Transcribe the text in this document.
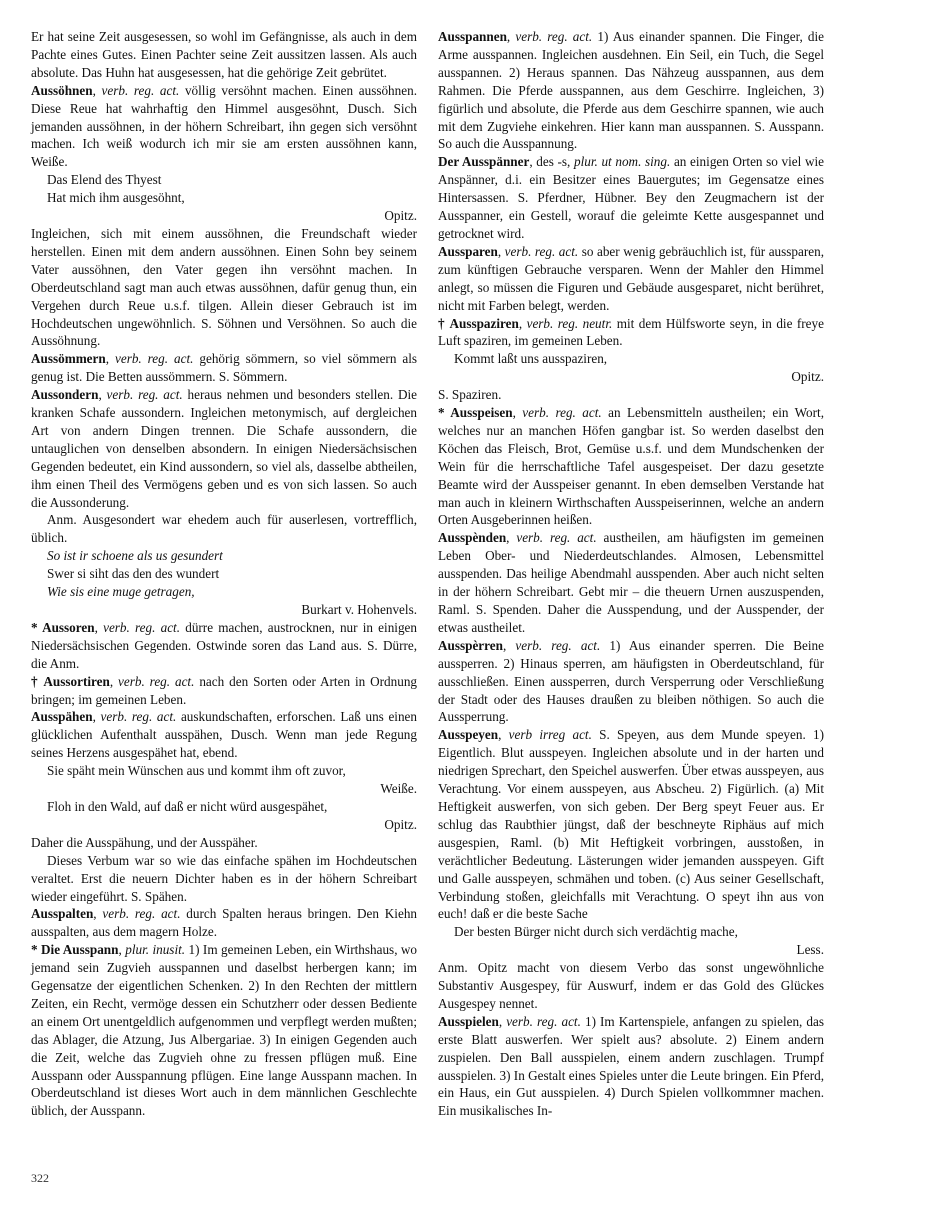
Er hat seine Zeit ausgesessen, so wohl im Gefängnisse, als auch in dem Pachte eines Gutes. Einen Pachter seine Zeit aussitzen lassen. Als auch absolute. Das Huhn hat ausgesessen, hat die gehörige Zeit gebrütet.

Aussöhnen, verb. reg. act. völlig versöhnt machen. Einen aussöhnen. Diese Reue hat wahrhaftig den Himmel ausgesöhnt, Dusch. Sich jemanden aussöhnen, in der höhern Schreibart, ihn gegen sich versöhnt machen. Ich weiß wodurch ich mir sie am ersten aussöhnen kann, Weiße.

Das Elend des Thyest

Hat mich ihm ausgesöhnt,

Opitz.

Ingleichen, sich mit einem aussöhnen, die Freundschaft wieder herstellen. Einen mit dem andern aussöhnen. Einen Sohn bey seinem Vater aussöhnen, den Vater gegen ihn versöhnt machen. In Oberdeutschland sagt man auch etwas aussöhnen, dafür genug thun, ein Vergehen durch Reue u.s.f. tilgen. Allein dieser Gebrauch ist im Hochdeutschen ungewöhnlich. S. Söhnen und Versöhnen. So auch die Aussöhnung.

Aussömmern, verb. reg. act. gehörig sömmern, so viel sömmern als genug ist. Die Betten aussömmern. S. Sömmern.

Aussondern, verb. reg. act. heraus nehmen und besonders stellen. Die kranken Schafe aussondern. Ingleichen metonymisch, auf dergleichen Art von andern Dingen trennen. Die Schafe aussondern, die untauglichen von denselben absondern. In einigen Niedersächsischen Gegenden bedeutet, ein Kind aussondern, so viel als, dasselbe abtheilen, ihm einen Theil des Vermögens geben und es von sich lassen. So auch die Aussonderung.

Anm. Ausgesondert war ehedem auch für auserlesen, vortrefflich, üblich.

So ist ir schoene als us gesundert

Swer si siht das den des wundert

Wie sis eine muge getragen,

Burkart v. Hohenvels.

* Aussoren, verb. reg. act. dürre machen, austrocknen, nur in einigen Niedersächsischen Gegenden. Ostwinde soren das Land aus. S. Dürre, die Anm.

† Aussortiren, verb. reg. act. nach den Sorten oder Arten in Ordnung bringen; im gemeinen Leben.

Ausspähen, verb. reg. act. auskundschaften, erforschen. Laß uns einen glücklichen Aufenthalt ausspähen, Dusch. Wenn man jede Regung seines Herzens ausgespähet hat, ebend.

Sie späht mein Wünschen aus und kommt ihm oft zuvor,

Weiße.

Floh in den Wald, auf daß er nicht würd ausgespähet,

Opitz.

Daher die Ausspähung, und der Ausspäher.

Dieses Verbum war so wie das einfache spähen im Hochdeutschen veraltet. Erst die neuern Dichter haben es in der höhern Schreibart wieder eingeführt. S. Spähen.

Ausspalten, verb. reg. act. durch Spalten heraus bringen. Den Kiehn ausspalten, aus dem magern Holze.

* Die Ausspann, plur. inusit. 1) Im gemeinen Leben, ein Wirthshaus, wo jemand sein Zugvieh ausspannen und daselbst herbergen kann; im Gegensatze der eigentlichen Schenken. 2) In den Rechten der mittlern Zeiten, ein Recht, vermöge dessen ein Schutzherr oder dessen Bediente an einem Ort unentgeldlich aufgenommen und verpflegt werden mußten; das Ablager, die Atzung, Jus Albergariae. 3) In einigen Gegenden auch die Zeit, welche das Zugvieh ohne zu fressen pflügen muß. Eine Ausspann oder Ausspannung pflügen. Eine lange Ausspann machen. In Oberdeutschland ist dieses Wort auch in dem männlichen Geschlechte üblich, der Ausspann.

Ausspannen, verb. reg. act. 1) Aus einander spannen. Die Finger, die Arme ausspannen. Ingleichen ausdehnen. Ein Seil, ein Tuch, die Segel ausspannen. 2) Heraus spannen. Das Nähzeug ausspannen, aus dem Rahmen. Die Pferde ausspannen, aus dem Geschirre. Ingleichen, 3) figürlich und absolute, die Pferde aus dem Geschirre spannen, wie auch mit dem Zugviehe einkehren. Hier kann man ausspannen. S. Ausspann. So auch die Ausspannung.

Der Ausspänner, des -s, plur. ut nom. sing. an einigen Orten so viel wie Anspänner, d.i. ein Besitzer eines Bauergutes; im Gegensatze eines Hintersassen. S. Pferdner, Hübner. Bey den Zeugmachern ist der Ausspanner, ein Gestell, worauf die geleimte Kette ausgespannet und getrocknet wird.

Aussparen, verb. reg. act. so aber wenig gebräuchlich ist, für aussparen, zum künftigen Gebrauche versparen. Wenn der Mahler den Himmel anlegt, so müssen die Figuren und Gebäude ausgesparet, nicht berühret, nicht mit Farben belegt, werden.

† Ausspaziren, verb. reg. neutr. mit dem Hülfsworte seyn, in die freye Luft spaziren, im gemeinen Leben.

Kommt laßt uns ausspaziren,

Opitz.

S. Spaziren.

* Ausspeisen, verb. reg. act. an Lebensmitteln austheilen; ein Wort, welches nur an manchen Höfen gangbar ist. So werden daselbst den Köchen das Fleisch, Brot, Gemüse u.s.f. und dem Mundschenken der Wein für die herrschaftliche Tafel ausgespeiset. Der dazu gesetzte Beamte wird der Ausspeiser genannt. In eben demselben Verstande hat man auch in kleinern Wirthschaften Ausspeiserinnen, welche an andern Orten Ausgeberinnen heißen.

Ausspènden, verb. reg. act. austheilen, am häufigsten im gemeinen Leben Ober- und Niederdeutschlandes. Almosen, Lebensmittel ausspenden. Das heilige Abendmahl ausspenden. Aber auch nicht selten in der höhern Schreibart. Gebt mir – die theuern Urnen auszuspenden, Raml. S. Spenden. Daher die Ausspendung, und der Ausspender, der etwas austheilet.

Ausspèrren, verb. reg. act. 1) Aus einander sperren. Die Beine aussperren. 2) Hinaus sperren, am häufigsten in Oberdeutschland, für ausschließen. Einen aussperren, durch Versperrung oder Verschließung der Stadt oder des Hauses draußen zu bleiben nöthigen. So auch die Aussperrung.

Ausspeyen, verb irreg act. S. Speyen, aus dem Munde speyen. 1) Eigentlich. Blut ausspeyen. Ingleichen absolute und in der harten und niedrigen Sprechart, den Speichel auswerfen. Über etwas ausspeyen, aus Verachtung. Vor einem ausspeyen, aus Abscheu. 2) Figürlich. (a) Mit Heftigkeit auswerfen, von sich geben. Der Berg speyt Feuer aus. Er schlug das Raubthier jüngst, daß der beschneyte Riphäus auf mich ausgespien, Raml. (b) Mit Heftigkeit vorbringen, ausstoßen, in verächtlicher Bedeutung. Lästerungen wider jemanden ausspeyen. Gift und Galle ausspeyen, schmähen und toben. (c) Aus seiner Gesellschaft, Verbindung stoßen, gleichfalls mit Verachtung. O speyt ihn aus von euch! daß er die beste Sache

Der besten Bürger nicht durch sich verdächtig mache,

Less.

Anm. Opitz macht von diesem Verbo das sonst ungewöhnliche Substantiv Ausgespey, für Auswurf, indem er das Gold des Glückes Ausgespey nennet.

Ausspielen, verb. reg. act. 1) Im Kartenspiele, anfangen zu spielen, das erste Blatt auswerfen. Wer spielt aus? absolute. 2) Einem andern zuspielen. Den Ball ausspielen, einem andern zuschlagen. Trumpf ausspielen. 3) In Gestalt eines Spieles unter die Leute bringen. Ein Pferd, ein Haus, ein Gut ausspielen. 4) Durch Spielen vollkommner machen. Ein musikalisches In-

322
